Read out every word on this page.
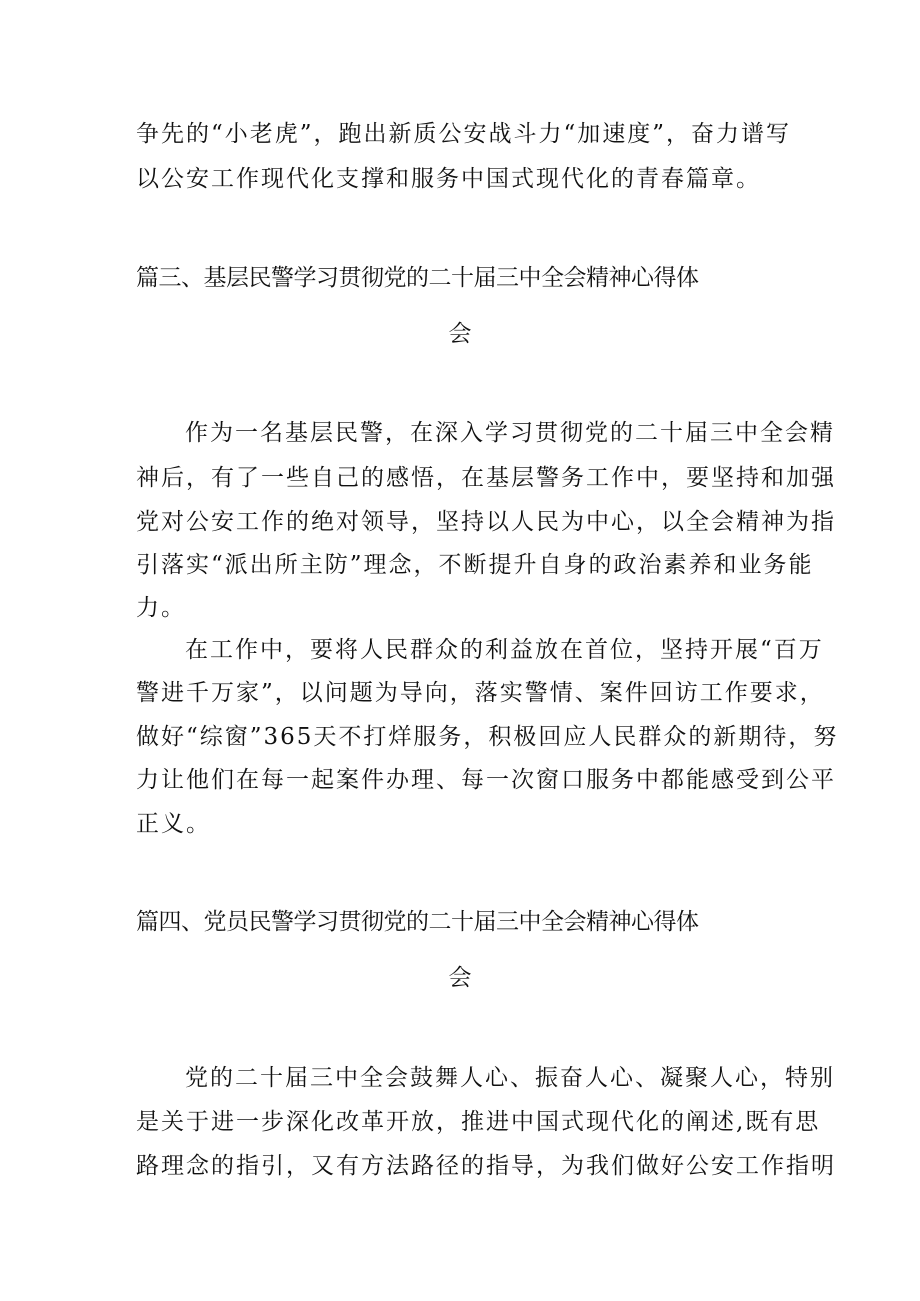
争先的“小老虎”，跑出新质公安战斗力“加速度”，奋力谱写
以公安工作现代化支撑和服务中国式现代化的青春篇章。
篇三、基层民警学习贯彻党的二十届三中全会精神心得体
会
作为一名基层民警，在深入学习贯彻党的二十届三中全会精
神后，有了一些自己的感悟，在基层警务工作中，要坚持和加强
党对公安工作的绝对领导，坚持以人民为中心，以全会精神为指
引落实“派出所主防”理念，不断提升自身的政治素养和业务能
力。
在工作中，要将人民群众的利益放在首位，坚持开展“百万
警进千万家”，以问题为导向，落实警情、案件回访工作要求，
做好“综窗”365天不打烊服务，积极回应人民群众的新期待，努
力让他们在每一起案件办理、每一次窗口服务中都能感受到公平
正义。
篇四、党员民警学习贯彻党的二十届三中全会精神心得体
会
党的二十届三中全会鼓舞人心、振奋人心、凝聚人心，特别
是关于进一步深化改革开放，推进中国式现代化的阐述,既有思
路理念的指引，又有方法路径的指导，为我们做好公安工作指明
